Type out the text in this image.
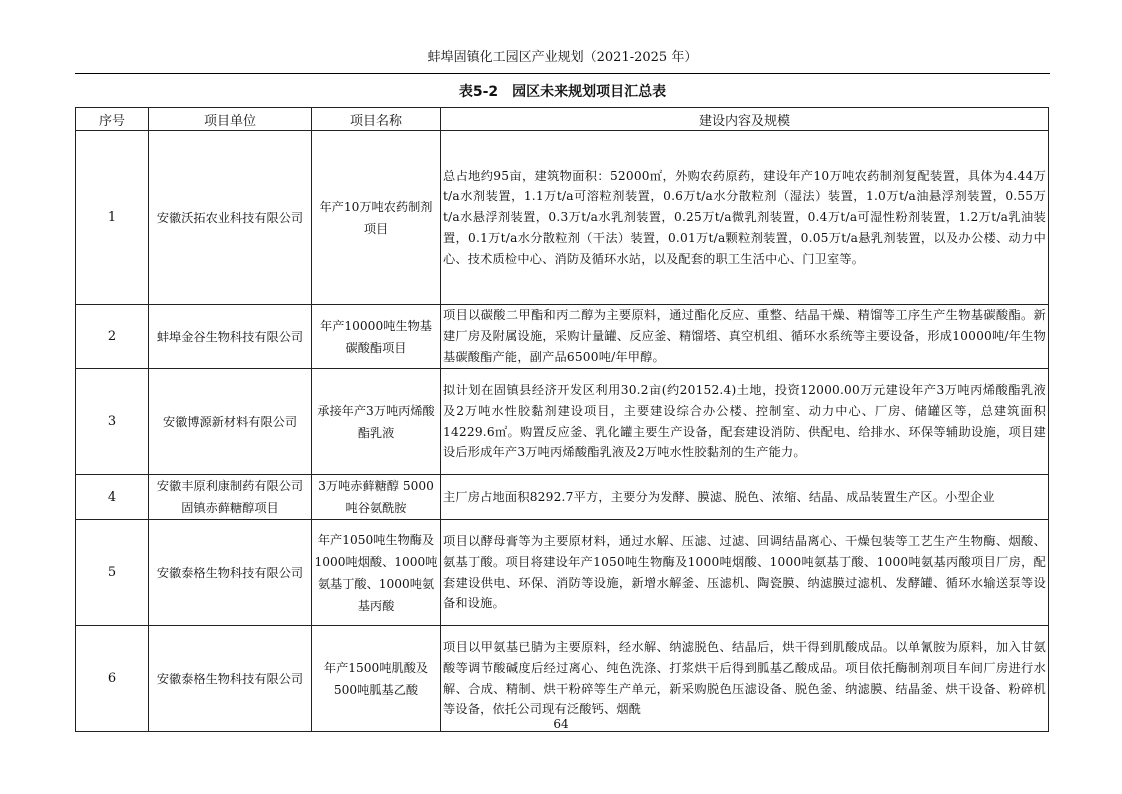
蚌埠固镇化工园区产业规划（2021-2025 年）
表5-2　园区未来规划项目汇总表
序号	项目单位	项目名称	建设内容及规模
1	安徽沃拓农业科技有限公司	年产10万吨农药制剂项目	总占地约95亩，建筑物面积：52000㎡，外购农药原药，建设年产10万吨农药制剂复配装置，具体为4.44万t/a水剂装置，1.1万t/a可溶粒剂装置，0.6万t/a水分散粒剂（湿法）装置，1.0万t/a油悬浮剂装置，0.55万t/a水悬浮剂装置，0.3万t/a水乳剂装置，0.25万t/a微乳剂装置，0.4万t/a可湿性粉剂装置，1.2万t/a乳油装置，0.1万t/a水分散粒剂（干法）装置，0.01万t/a颗粒剂装置，0.05万t/a悬乳剂装置，以及办公楼、动力中心、技术质检中心、消防及循环水站，以及配套的职工生活中心、门卫室等。
2	蚌埠金谷生物科技有限公司	年产10000吨生物基碳酸酯项目	项目以碳酸二甲酯和丙二醇为主要原料，通过酯化反应、重整、结晶干燥、精馏等工序生产生物基碳酸酯。新建厂房及附属设施，采购计量罐、反应釜、精馏塔、真空机组、循环水系统等主要设备，形成10000吨/年生物基碳酸酯产能，副产品6500吨/年甲醇。
3	安徽博源新材料有限公司	承接年产3万吨丙烯酸酯乳液	拟计划在固镇县经济开发区利用30.2亩(约20152.4)土地，投资12000.00万元建设年产3万吨丙烯酸酯乳液及2万吨水性胶黏剂建设项目，主要建设综合办公楼、控制室、动力中心、厂房、储罐区等，总建筑面积14229.6㎡。购置反应釜、乳化罐主要生产设备，配套建设消防、供配电、给排水、环保等辅助设施，项目建设后形成年产3万吨丙烯酸酯乳液及2万吨水性胶黏剂的生产能力。
4	安徽丰原利康制药有限公司固镇赤藓糖醇项目	3万吨赤藓糖醇 5000吨谷氨酰胺	主厂房占地面积8292.7平方，主要分为发酵、膜滤、脱色、浓缩、结晶、成品装置生产区。小型企业
5	安徽泰格生物科技有限公司	年产1050吨生物酶及1000吨烟酸、1000吨氨基丁酸、1000吨氨基丙酸	项目以酵母膏等为主要原材料，通过水解、压滤、过滤、回调结晶离心、干燥包装等工艺生产生物酶、烟酸、氨基丁酸。项目将建设年产1050吨生物酶及1000吨烟酸、1000吨氨基丁酸、1000吨氨基丙酸项目厂房，配套建设供电、环保、消防等设施，新增水解釜、压滤机、陶瓷膜、纳滤膜过滤机、发酵罐、循环水输送泵等设备和设施。
6	安徽泰格生物科技有限公司	年产1500吨肌酸及500吨胍基乙酸	项目以甲氨基已腈为主要原料，经水解、纳滤脱色、结晶后，烘干得到肌酸成品。以单氰胺为原料，加入甘氨酸等调节酸碱度后经过离心、纯色洗涤、打浆烘干后得到胍基乙酸成品。项目依托酶制剂项目车间厂房进行水解、合成、精制、烘干粉碎等生产单元，新采购脱色压滤设备、脱色釜、纳滤膜、结晶釜、烘干设备、粉碎机等设备，依托公司现有泛酸钙、烟酰
64
